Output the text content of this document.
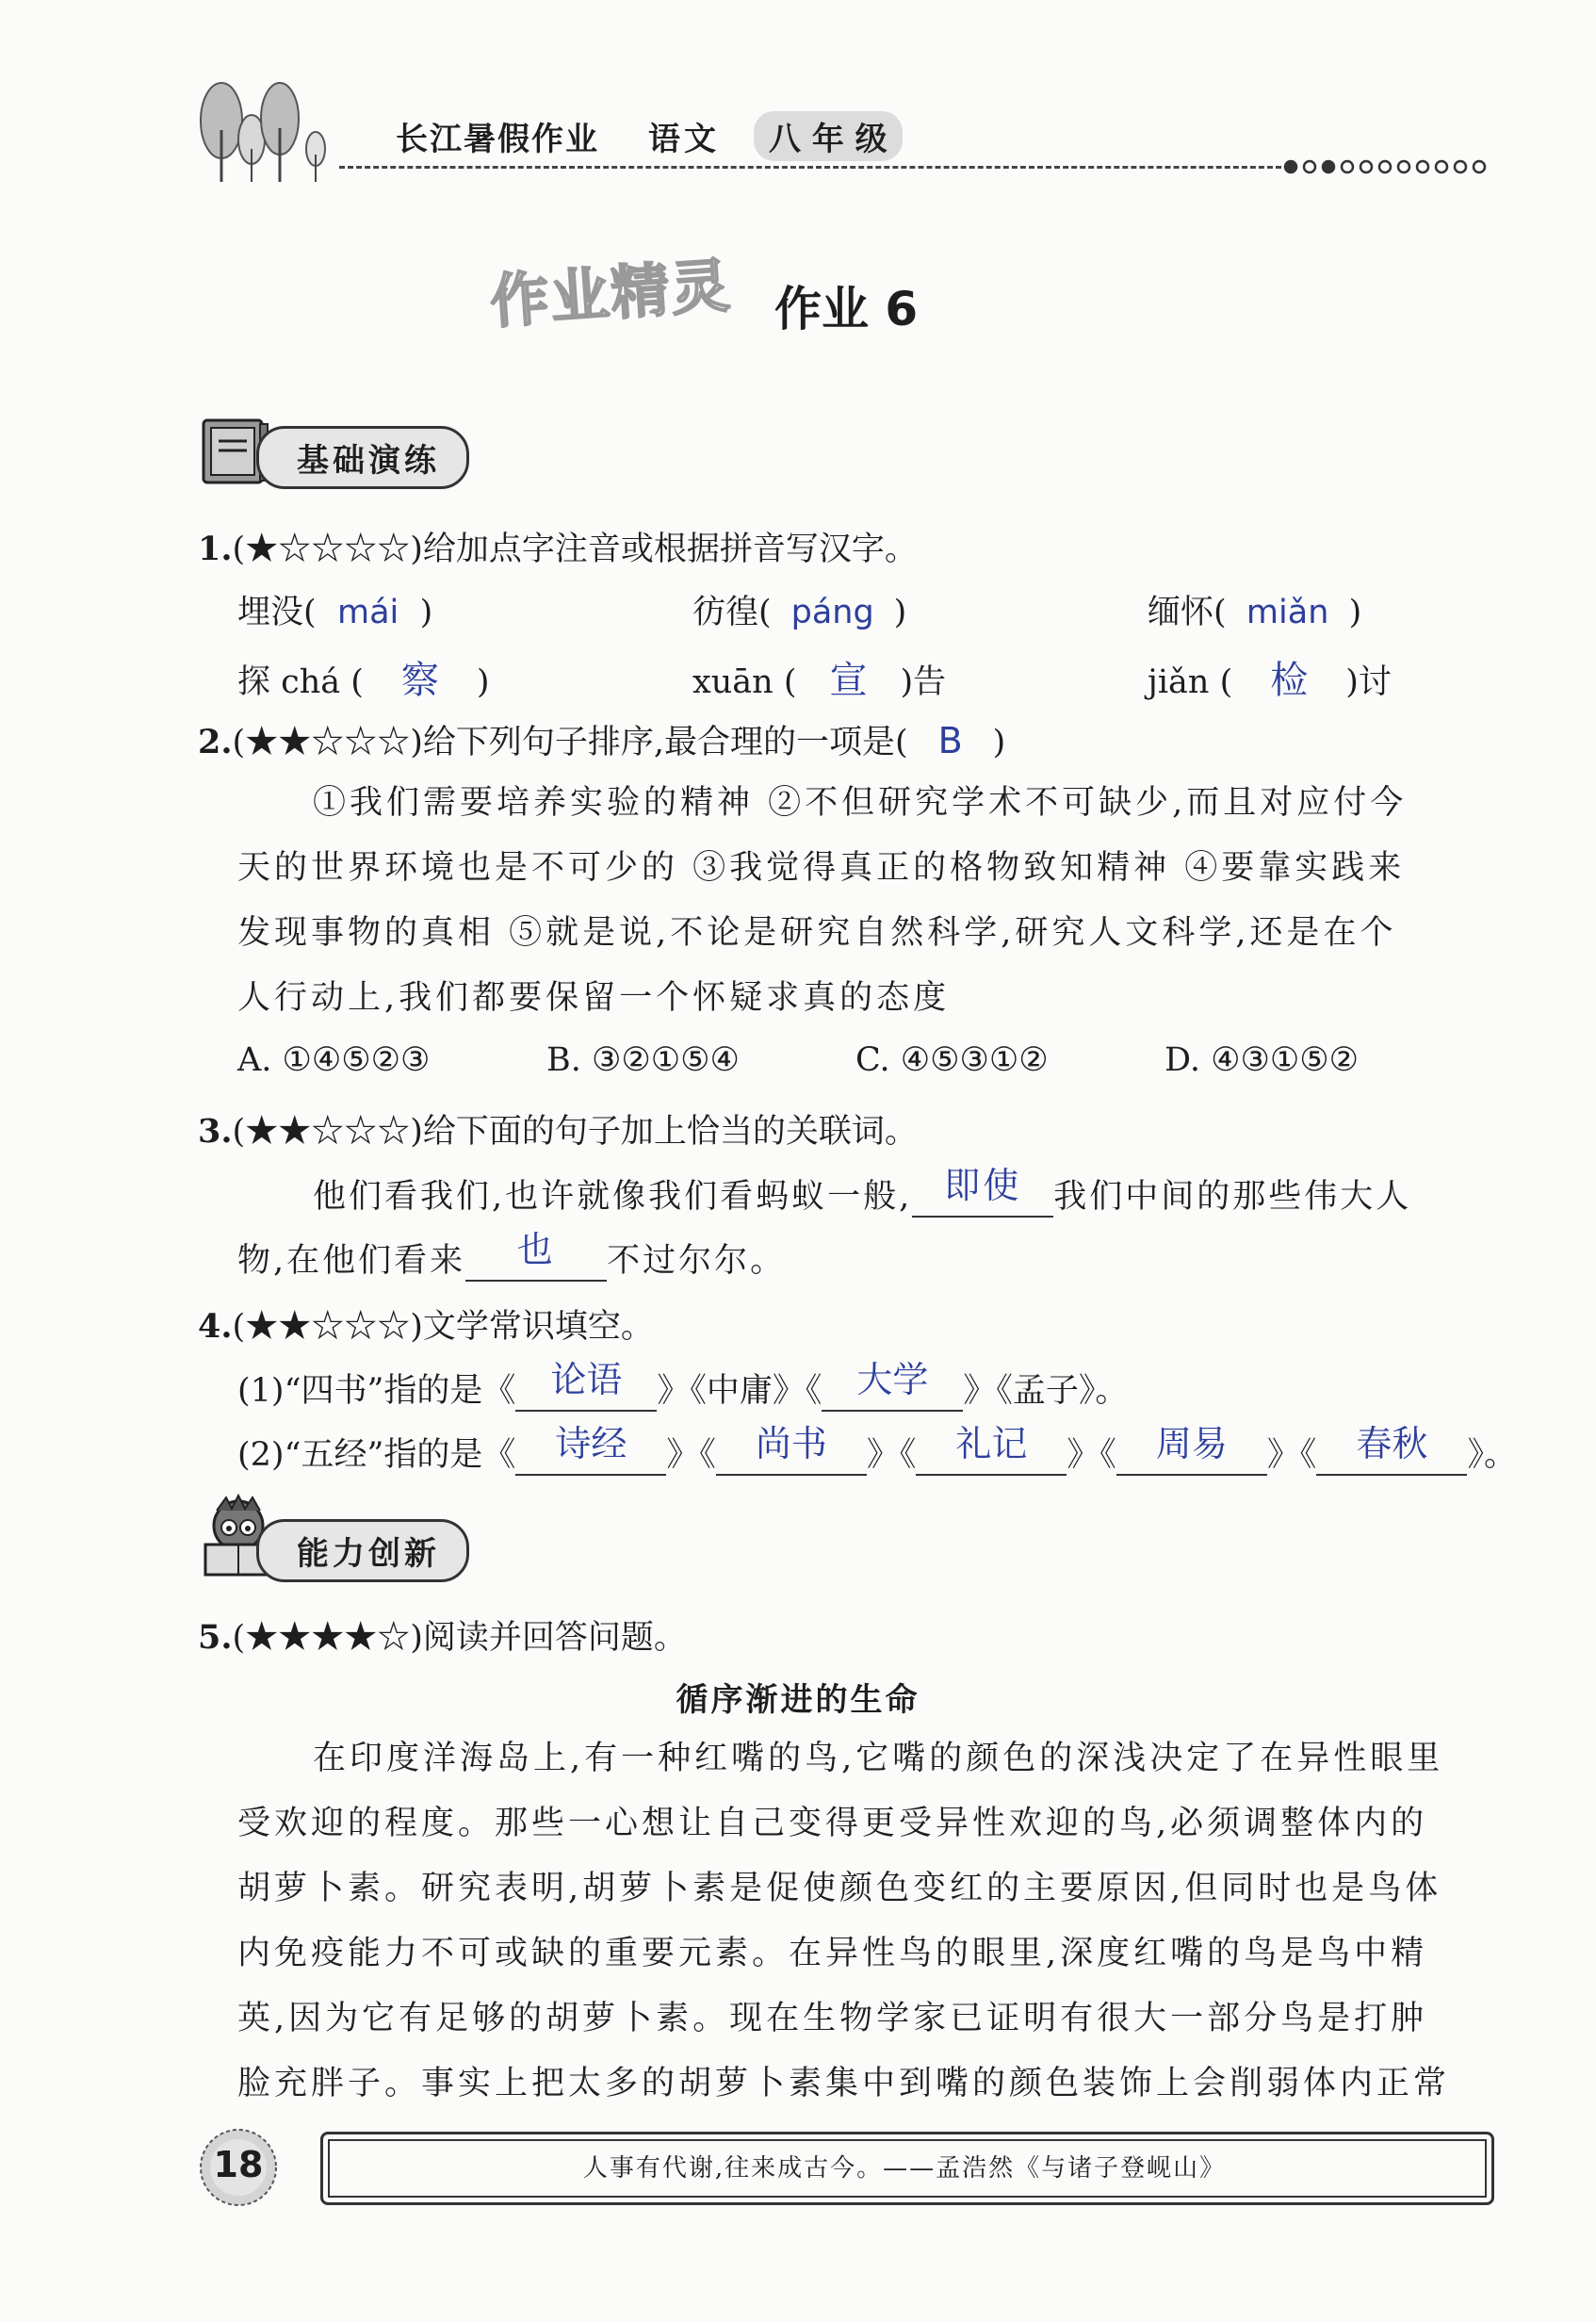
长江暑假作业 语文	八 年 级
作业精灵 作业 6
基础演练
1.(★☆☆☆☆)给加点字注音或根据拼音写汉字。
埋没( mái )	彷徨( páng )	缅怀( miǎn )
探 chá ( 察 )	xuān ( 宣 )告	jiǎn ( 检 )讨
2.(★★☆☆☆)给下列句子排序,最合理的一项是( B )
①我们需要培养实验的精神 ②不但研究学术不可缺少,而且对应付今
天的世界环境也是不可少的 ③我觉得真正的格物致知精神 ④要靠实践来
发现事物的真相 ⑤就是说,不论是研究自然科学,研究人文科学,还是在个
人行动上,我们都要保留一个怀疑求真的态度
A. ①④⑤②③	B. ③②①⑤④	C. ④⑤③①②	D. ④③①⑤②
3.(★★☆☆☆)给下面的句子加上恰当的关联词。
他们看我们,也许就像我们看蚂蚁一般, 即使 我们中间的那些伟大人
物,在他们看来	也	不过尔尔。
4.(★★☆☆☆)文学常识填空。
(1)“四书”指的是《 论语	》《中庸》《 大学	》《孟子》。
(2)“五经”指的是《	诗经	》《	尚书	》《	礼记	》《	周易	》《	春秋	》。
能力创新
5.(★★★★☆)阅读并回答问题。
循序渐进的生命
在印度洋海岛上,有一种红嘴的鸟,它嘴的颜色的深浅决定了在异性眼里
受欢迎的程度。那些一心想让自己变得更受异性欢迎的鸟,必须调整体内的
胡萝卜素。研究表明,胡萝卜素是促使颜色变红的主要原因,但同时也是鸟体
内免疫能力不可或缺的重要元素。在异性鸟的眼里,深度红嘴的鸟是鸟中精
英,因为它有足够的胡萝卜素。现在生物学家已证明有很大一部分鸟是打肿
脸充胖子。事实上把太多的胡萝卜素集中到嘴的颜色装饰上会削弱体内正常
18	人事有代谢,往来成古今。——孟浩然《与诸子登岘山》
